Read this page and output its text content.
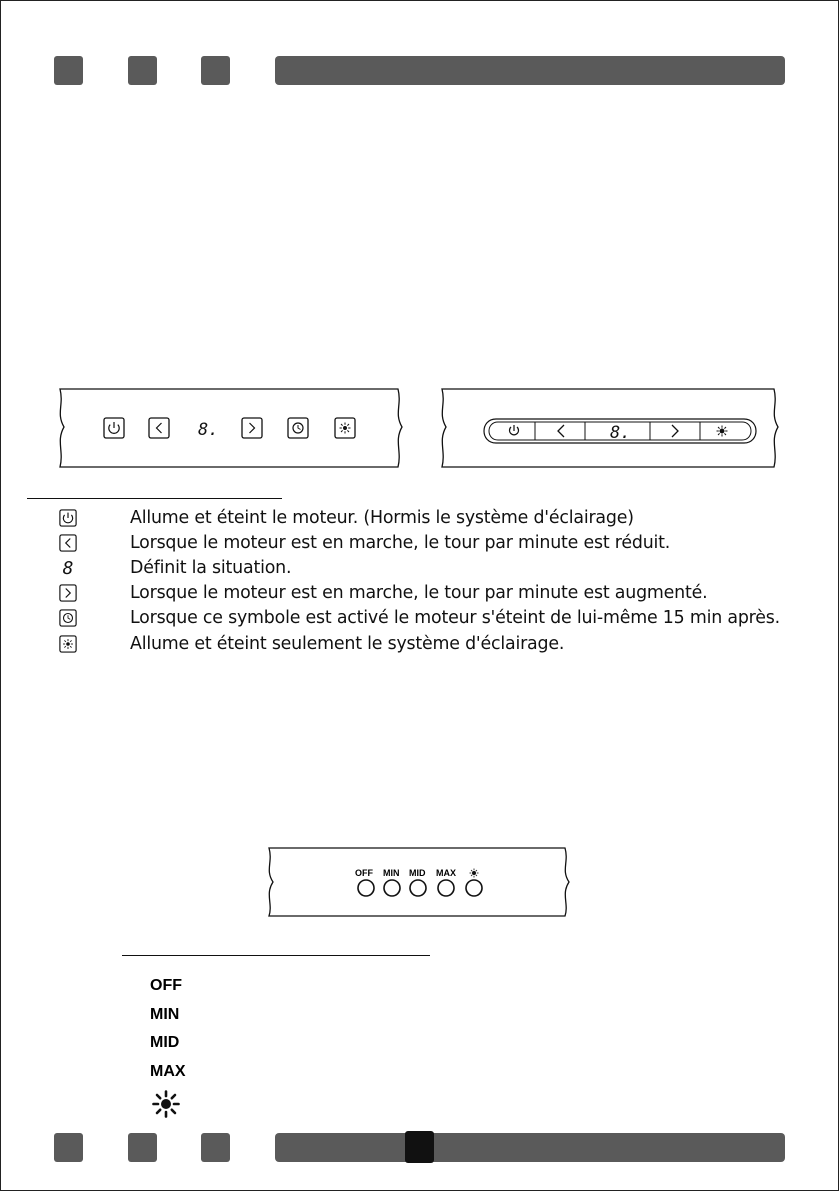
8.	8.
Allume et éteint le moteur. (Hormis le système d'éclairage)
Lorsque le moteur est en marche, le tour par minute est réduit.
8	Définit la situation.
Lorsque le moteur est en marche, le tour par minute est augmenté.
Lorsque ce symbole est activé le moteur s'éteint de lui-même 15 min après.
Allume et éteint seulement le système d'éclairage.
OFF MIN MID MAX
OFF
MIN
MID
MAX
